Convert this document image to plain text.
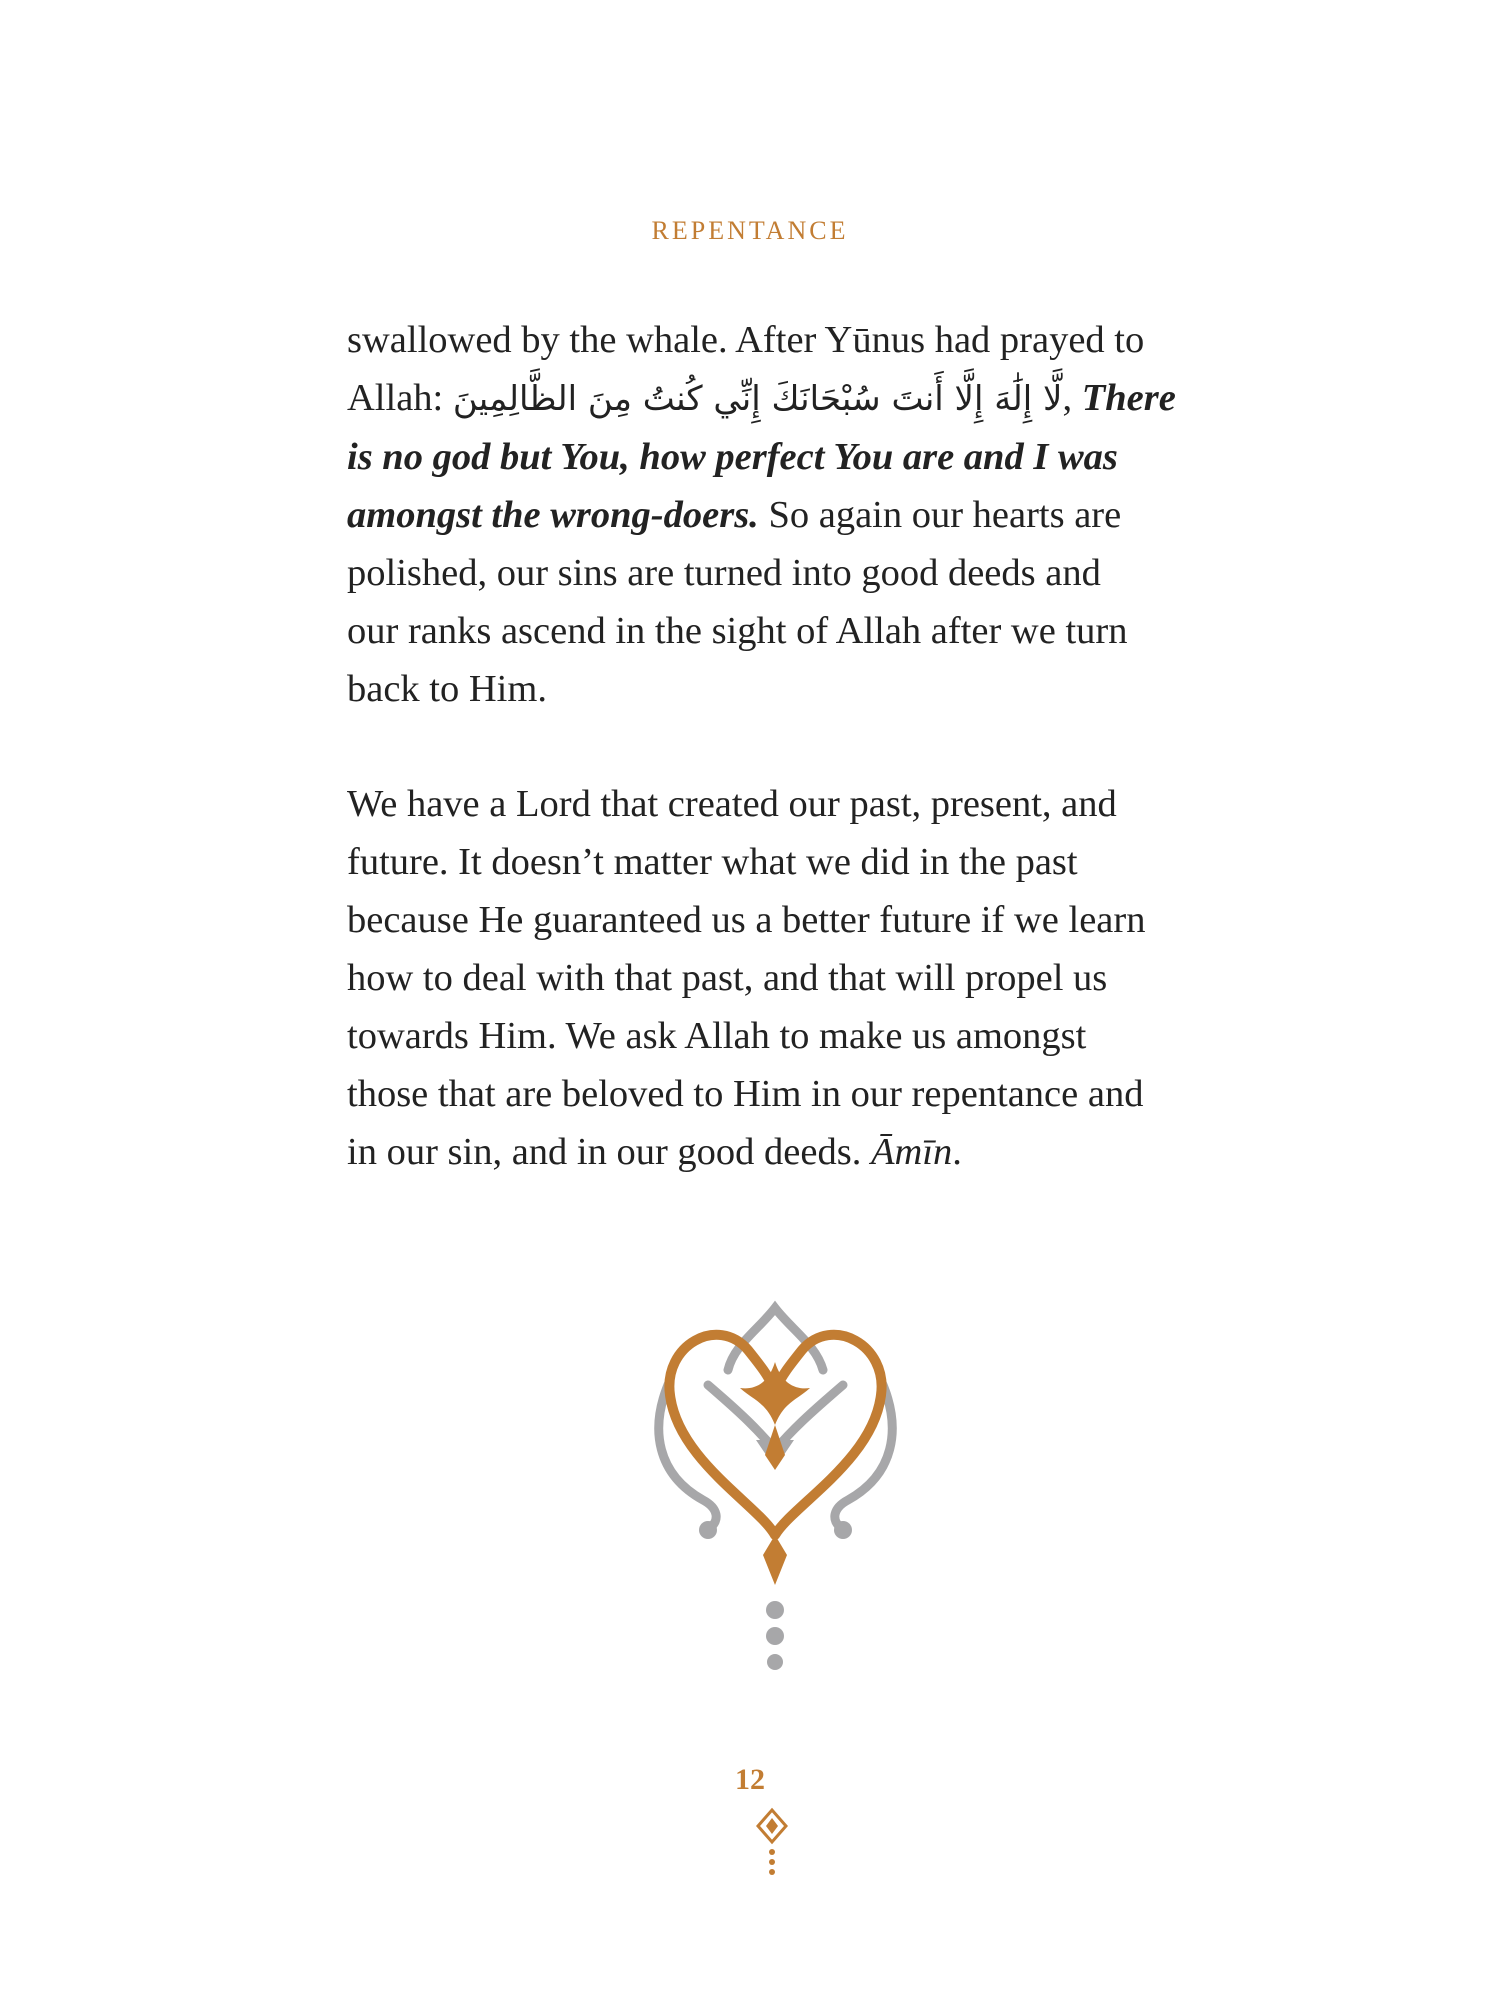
REPENTANCE
swallowed by the whale. After Yūnus had prayed to
Allah: لَّا إِلَٰهَ إِلَّا أَنتَ سُبْحَانَكَ إِنِّي كُنتُ مِنَ الظَّالِمِينَ, There
is no god but You, how perfect You are and I was
amongst the wrong-doers. So again our hearts are
polished, our sins are turned into good deeds and
our ranks ascend in the sight of Allah after we turn
back to Him.
We have a Lord that created our past, present, and
future. It doesn’t matter what we did in the past
because He guaranteed us a better future if we learn
how to deal with that past, and that will propel us
towards Him. We ask Allah to make us amongst
those that are beloved to Him in our repentance and
in our sin, and in our good deeds. Āmīn.
12
